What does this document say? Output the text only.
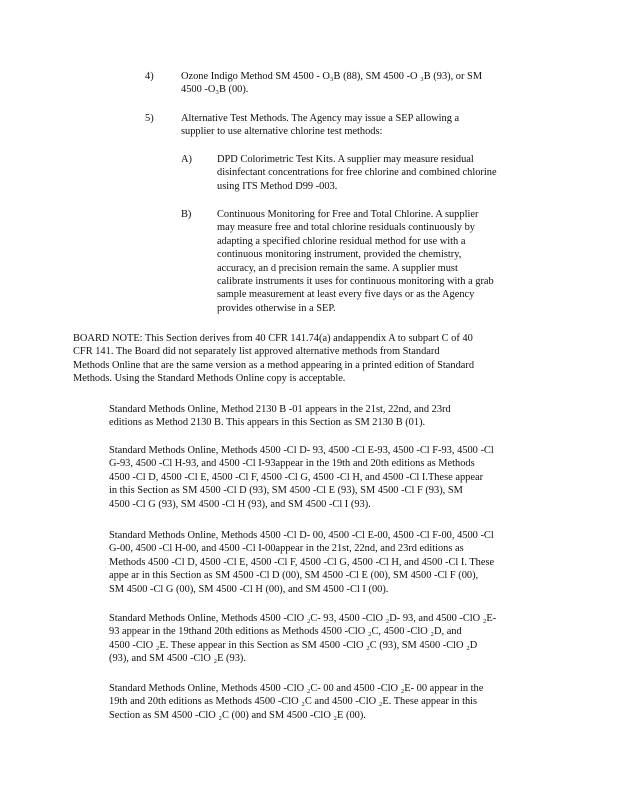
4)	Ozone Indigo Method SM 4500 - O₃B (88), SM 4500 -O ₃B (93), or SM
4500 -O₃B (00).

5)	Alternative Test Methods. The Agency may issue a SEP allowing a
supplier to use alternative chlorine test methods:

A) DPD Colorimetric Test Kits. A supplier may measure residual
disinfectant concentrations for free chlorine and combined chlorine
using ITS Method D99 -003.

B) Continuous Monitoring for Free and Total Chlorine. A supplier
may measure free and total chlorine residuals continuously by
adapting a specified chlorine residual method for use with a
continuous monitoring instrument, provided the chemistry,
accuracy, an d precision remain the same. A supplier must
calibrate instruments it uses for continuous monitoring with a grab
sample measurement at least every five days or as the Agency
provides otherwise in a SEP.
BOARD NOTE: This Section derives from 40 CFR 141.74(a) andappendix A to subpart C of 40
CFR 141. The Board did not separately list approved alternative methods from Standard
Methods Online that are the same version as a method appearing in a printed edition of Standard
Methods. Using the Standard Methods Online copy is acceptable.
Standard Methods Online, Method 2130 B -01 appears in the 21st, 22nd, and 23rd
editions as Method 2130 B. This appears in this Section as SM 2130 B (01).
Standard Methods Online, Methods 4500 -Cl D- 93, 4500 -Cl E-93, 4500 -Cl F-93, 4500 -Cl
G-93, 4500 -Cl H-93, and 4500 -Cl I-93appear in the 19th and 20th editions as Methods
4500 -Cl D, 4500 -Cl E, 4500 -Cl F, 4500 -Cl G, 4500 -Cl H, and 4500 -Cl I.These appear
in this Section as SM 4500 -Cl D (93), SM 4500 -Cl E (93), SM 4500 -Cl F (93), SM
4500 -Cl G (93), SM 4500 -Cl H (93), and SM 4500 -Cl I (93).
Standard Methods Online, Methods 4500 -Cl D- 00, 4500 -Cl E-00, 4500 -Cl F-00, 4500 -Cl
G-00, 4500 -Cl H-00, and 4500 -Cl I-00appear in the 21st, 22nd, and 23rd editions as
Methods 4500 -Cl D, 4500 -Cl E, 4500 -Cl F, 4500 -Cl G, 4500 -Cl H, and 4500 -Cl I. These
appe ar in this Section as SM 4500 -Cl D (00), SM 4500 -Cl E (00), SM 4500 -Cl F (00),
SM 4500 -Cl G (00), SM 4500 -Cl H (00), and SM 4500 -Cl I (00).
Standard Methods Online, Methods 4500 -ClO ₂C- 93, 4500 -ClO ₂D- 93, and 4500 -ClO ₂E-
93 appear in the 19thand 20th editions as Methods 4500 -ClO ₂C, 4500 -ClO ₂D, and
4500 -ClO ₂E. These appear in this Section as SM 4500 -ClO ₂C (93), SM 4500 -ClO ₂D
(93), and SM 4500 -ClO ₂E (93).
Standard Methods Online, Methods 4500 -ClO ₂C- 00 and 4500 -ClO ₂E- 00 appear in the
19th and 20th editions as Methods 4500 -ClO ₂C and 4500 -ClO ₂E. These appear in this
Section as SM 4500 -ClO ₂C (00) and SM 4500 -ClO ₂E (00).
